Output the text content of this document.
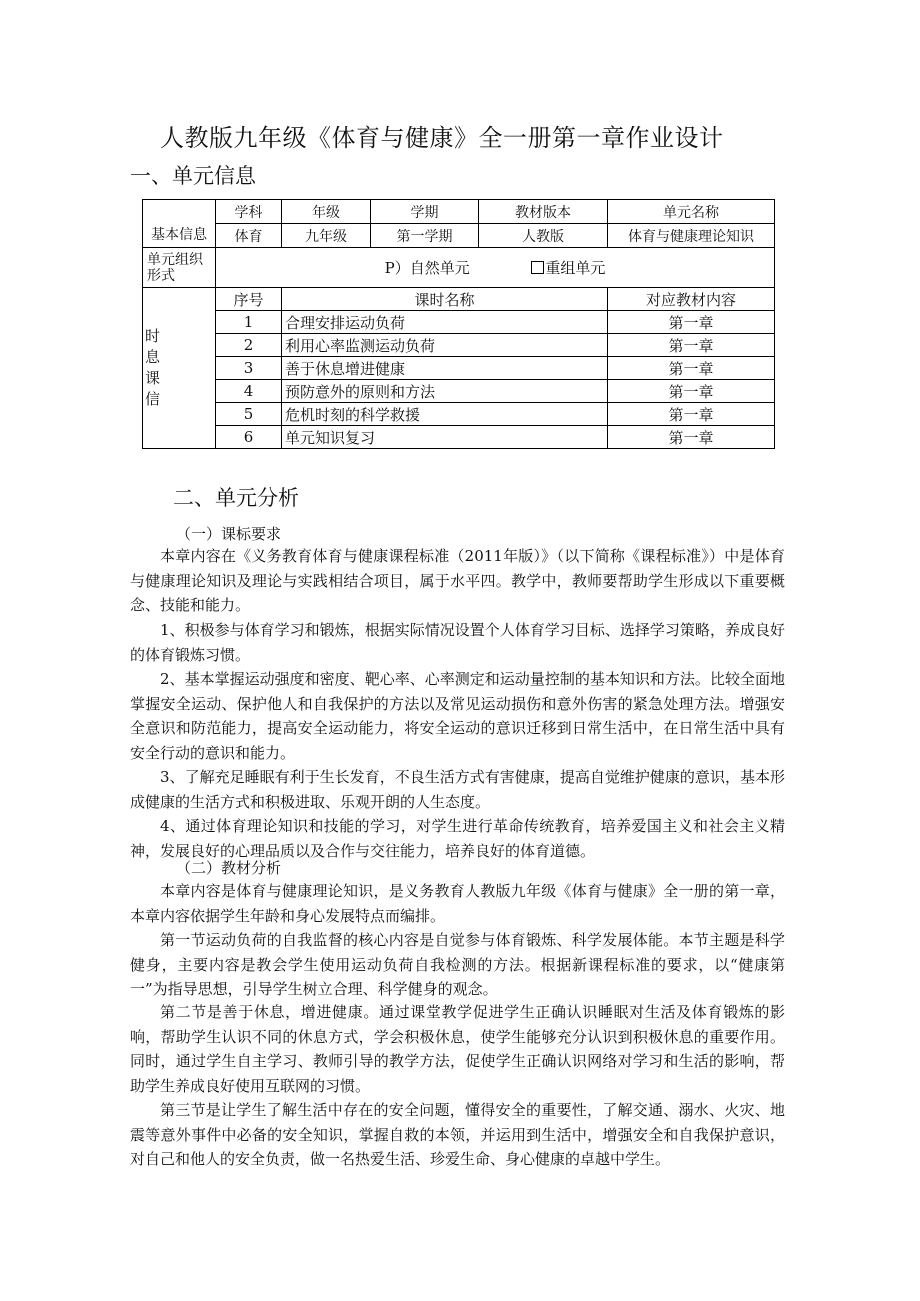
人教版九年级《体育与健康》全一册第一章作业设计
一、单元信息
基本信息	学科	年级	学期	教材版本	单元名称
	体育	九年级	第一学期	人教版	体育与健康理论知识
单元组织形式	P）自然单元 重组单元				

时
息
课
信	序号	课时名称			对应教材内容
	1	合理安排运动负荷			第一章
	2	利用心率监测运动负荷			第一章
	3	善于休息增进健康			第一章
	4	预防意外的原则和方法			第一章
	5	危机时刻的科学救援			第一章
	6	单元知识复习			第一章
二、单元分析
（一）课标要求
本章内容在《义务教育体育与健康课程标准（2011年版）》（以下简称《课程标准》）中是体育与健康理论知识及理论与实践相结合项目，属于水平四。教学中，教师要帮助学生形成以下重要概念、技能和能力。
1、积极参与体育学习和锻炼，根据实际情况设置个人体育学习目标、选择学习策略，养成良好的体育锻炼习惯。
2、基本掌握运动强度和密度、靶心率、心率测定和运动量控制的基本知识和方法。比较全面地掌握安全运动、保护他人和自我保护的方法以及常见运动损伤和意外伤害的紧急处理方法。增强安全意识和防范能力，提高安全运动能力，将安全运动的意识迁移到日常生活中，在日常生活中具有安全行动的意识和能力。
3、了解充足睡眠有利于生长发育，不良生活方式有害健康，提高自觉维护健康的意识，基本形成健康的生活方式和积极进取、乐观开朗的人生态度。
4、通过体育理论知识和技能的学习，对学生进行革命传统教育，培养爱国主义和社会主义精神，发展良好的心理品质以及合作与交往能力，培养良好的体育道德。
（二）教材分析
本章内容是体育与健康理论知识，是义务教育人教版九年级《体育与健康》全一册的第一章，本章内容依据学生年龄和身心发展特点而编排。
第一节运动负荷的自我监督的核心内容是自觉参与体育锻炼、科学发展体能。本节主题是科学健身，主要内容是教会学生使用运动负荷自我检测的方法。根据新课程标准的要求，以“健康第一”为指导思想，引导学生树立合理、科学健身的观念。
第二节是善于休息，增进健康。通过课堂教学促进学生正确认识睡眠对生活及体育锻炼的影响，帮助学生认识不同的休息方式，学会积极休息，使学生能够充分认识到积极休息的重要作用。同时，通过学生自主学习、教师引导的教学方法，促使学生正确认识网络对学习和生活的影响，帮助学生养成良好使用互联网的习惯。
第三节是让学生了解生活中存在的安全问题，懂得安全的重要性，了解交通、溺水、火灾、地震等意外事件中必备的安全知识，掌握自救的本领，并运用到生活中，增强安全和自我保护意识，对自己和他人的安全负责，做一名热爱生活、珍爱生命、身心健康的卓越中学生。
